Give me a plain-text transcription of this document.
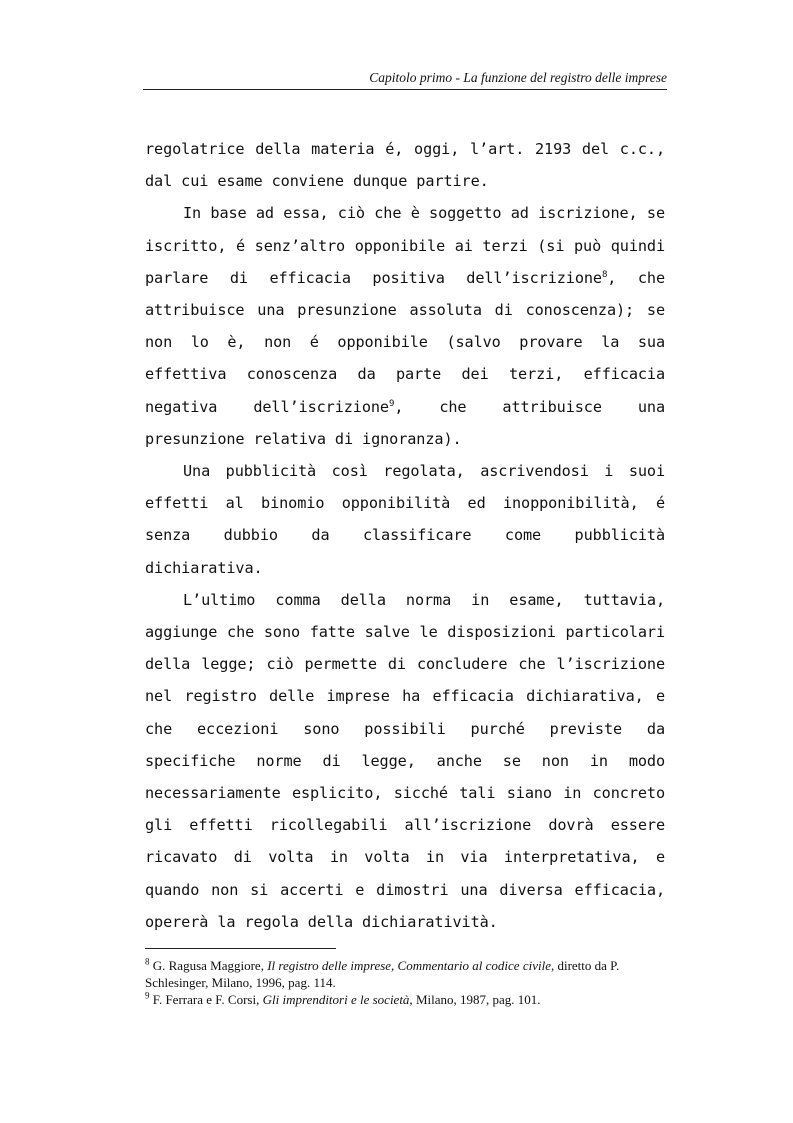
Capitolo primo - La funzione del registro delle imprese

regolatrice della materia é, oggi, l’art. 2193 del c.c., dal cui esame conviene dunque partire.

In base ad essa, ciò che è soggetto ad iscrizione, se iscritto, é senz’altro opponibile ai terzi (si può quindi parlare di efficacia positiva dell’iscrizione$^8$, che attribuisce una presunzione assoluta di conoscenza); se non lo è, non é opponibile (salvo provare la sua effettiva conoscenza da parte dei terzi, efficacia negativa dell’iscrizione$^9$, che attribuisce una presunzione relativa di ignoranza).

Una pubblicità così regolata, ascrivendosi i suoi effetti al binomio opponibilità ed inopponibilità, é senza dubbio da classificare come pubblicità dichiarativa.

L’ultimo comma della norma in esame, tuttavia, aggiunge che sono fatte salve le disposizioni particolari della legge; ciò permette di concludere che l’iscrizione nel registro delle imprese ha efficacia dichiarativa, e che eccezioni sono possibili purché previste da specifiche norme di legge, anche se non in modo necessariamente esplicito, sicché tali siano in concreto gli effetti ricollegabili all’iscrizione dovrà essere ricavato di volta in volta in via interpretativa, e quando non si accerti e dimostri una diversa efficacia, opererà la regola della dichiaratività.

$^8$ G. Ragusa Maggiore, Il registro delle imprese, Commentario al codice civile, diretto da P. Schlesinger, Milano, 1996, pag. 114.

$^9$ F. Ferrara e F. Corsi, Gli imprenditori e le società, Milano, 1987, pag. 101.
